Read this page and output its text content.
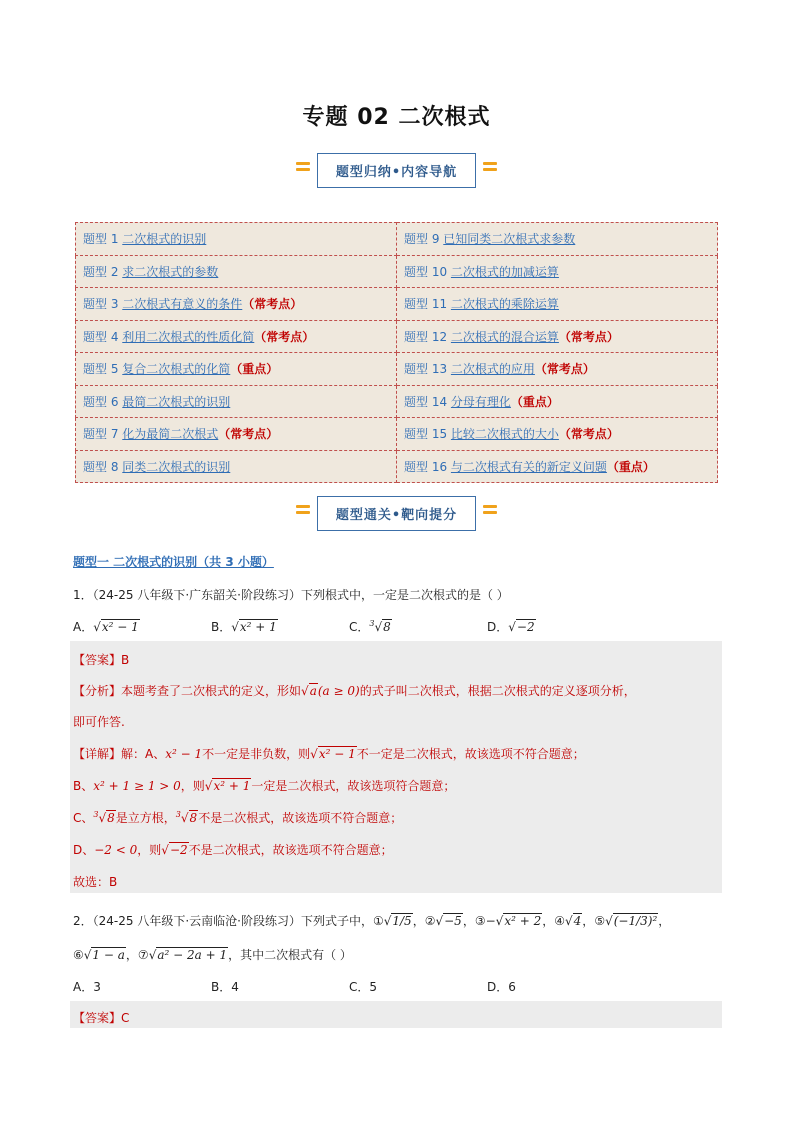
专题 02 二次根式
题型归纳•内容导航
题型 1 二次根式的识别	题型 9 已知同类二次根式求参数
题型 2 求二次根式的参数	题型 10 二次根式的加减运算
题型 3 二次根式有意义的条件（常考点）	题型 11 二次根式的乘除运算
题型 4 利用二次根式的性质化简（常考点）	题型 12 二次根式的混合运算（常考点）
题型 5 复合二次根式的化简（重点）	题型 13 二次根式的应用（常考点）
题型 6 最简二次根式的识别	题型 14 分母有理化（重点）
题型 7 化为最简二次根式（常考点）	题型 15 比较二次根式的大小（常考点）
题型 8 同类二次根式的识别	题型 16 与二次根式有关的新定义问题（重点）
题型通关•靶向提分
题型一 二次根式的识别（共 3 小题）
1．（24-25 八年级下·广东韶关·阶段练习）下列根式中，一定是二次根式的是（ ）
A．√x² − 1	B．√x² + 1	C．$^3$√8	D．√−2
【答案】B
【分析】本题考查了二次根式的定义，形如√a(a ≥ 0)的式子叫二次根式，根据二次根式的定义逐项分析，
即可作答.
【详解】解：A、x² − 1不一定是非负数，则√x² − 1不一定是二次根式，故该选项不符合题意；
B、x² + 1 ≥ 1 > 0，则√x² + 1一定是二次根式，故该选项符合题意；
C、$^3$√8是立方根，$^3$√8不是二次根式，故该选项不符合题意；
D、−2 < 0，则√−2不是二次根式，故该选项不符合题意；
故选：B
2．（24-25 八年级下·云南临沧·阶段练习）下列式子中，①√1/5，②√−5，③−√x² + 2，④√4，⑤√(−1/3)²，
⑥√1 − a，⑦√a² − 2a + 1，其中二次根式有（ ）
A．3	B．4	C．5	D．6
【答案】C
